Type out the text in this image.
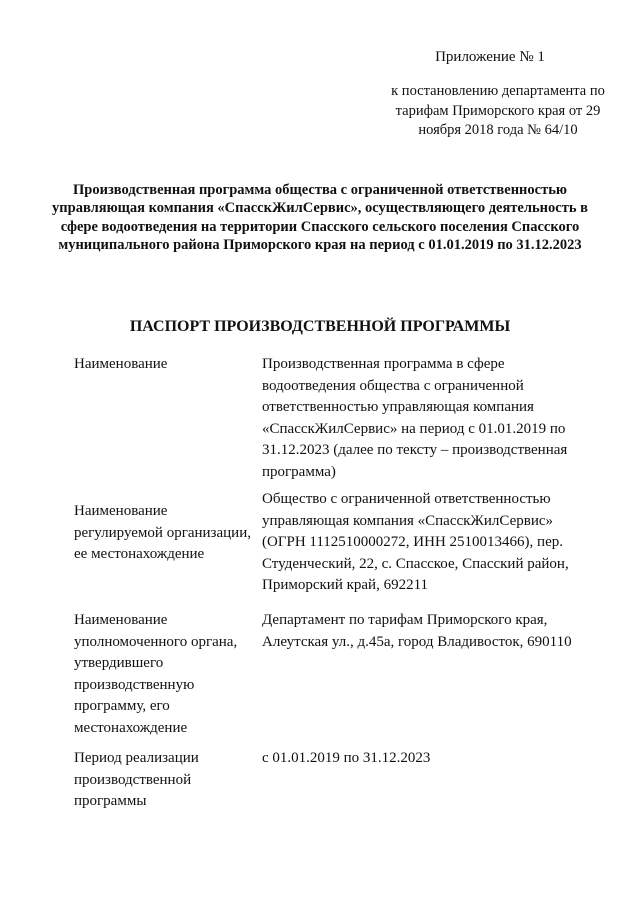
Приложение № 1
к постановлению департамента по тарифам Приморского края от 29 ноября 2018 года № 64/10
Производственная программа общества с ограниченной ответственностью управляющая компания «СпасскЖилСервис», осуществляющего деятельность в сфере водоотведения на территории Спасского сельского поселения Спасского муниципального района Приморского края на период с 01.01.2019 по 31.12.2023
ПАСПОРТ ПРОИЗВОДСТВЕННОЙ ПРОГРАММЫ
Наименование	Производственная программа в сфере водоотведения общества с ограниченной ответственностью управляющая компания «СпасскЖилСервис» на период с 01.01.2019 по 31.12.2023 (далее по тексту – производственная программа)
Наименование регулируемой организации, ее местонахождение
Общество с ограниченной ответственностью управляющая компания «СпасскЖилСервис» (ОГРН 1112510000272, ИНН 2510013466), пер. Студенческий, 22, с. Спасское, Спасский район, Приморский край, 692211
Наименование уполномоченного органа, утвердившего производственную программу, его местонахождение
Департамент по тарифам Приморского края, Алеутская ул., д.45а, город Владивосток, 690110
Период реализации производственной программы
с 01.01.2019 по 31.12.2023
